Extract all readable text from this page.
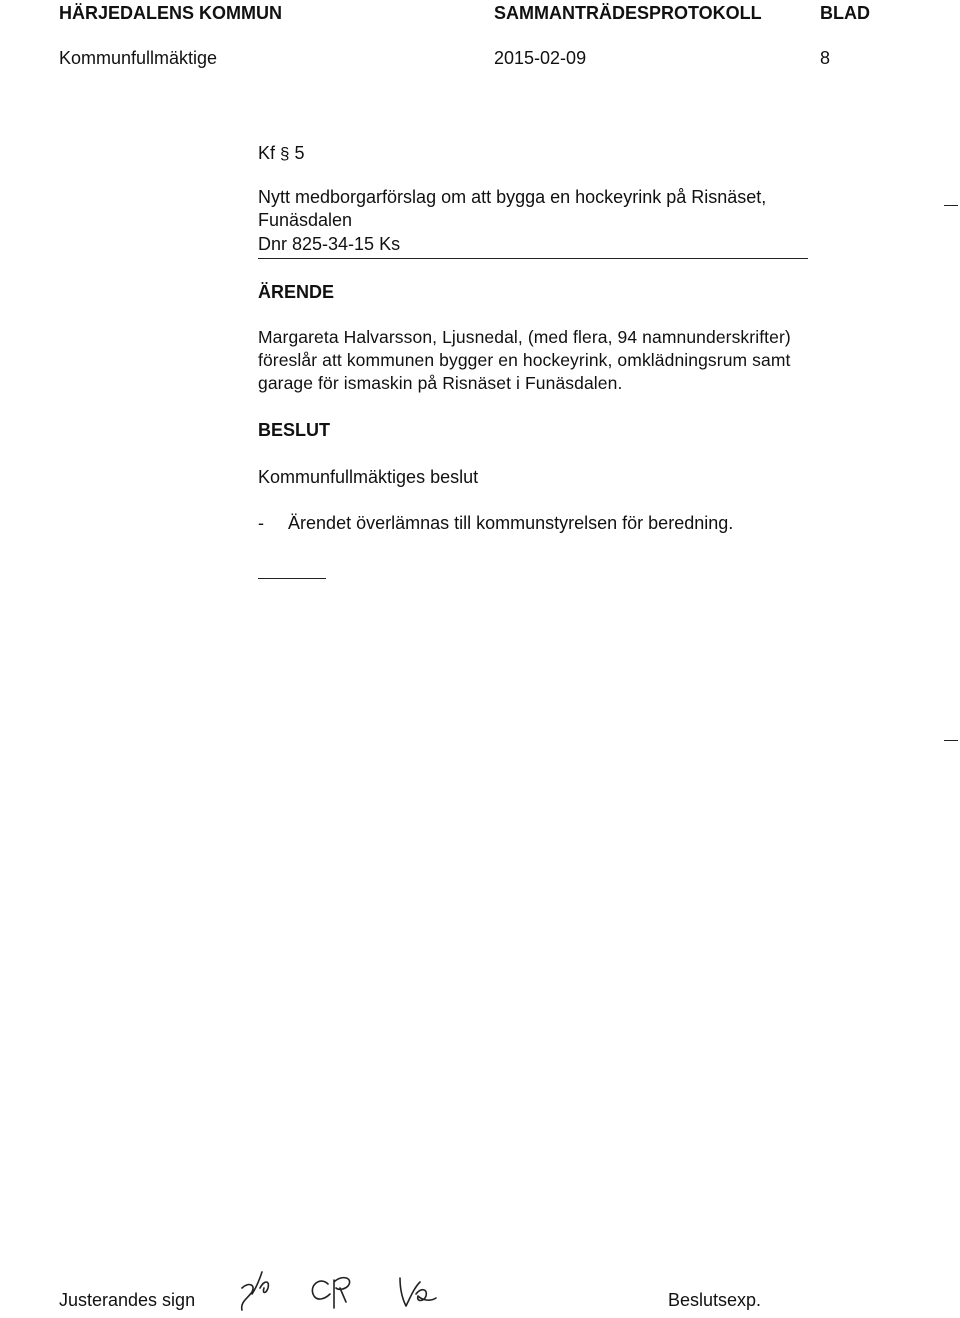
HÄRJEDALENS KOMMUN	SAMMANTRÄDESPROTOKOLL	BLAD
Kommunfullmäktige	2015-02-09	8
Kf § 5
Nytt medborgarförslag om att bygga en hockeyrink på Risnäset,
Funäsdalen
Dnr 825-34-15 Ks
ÄRENDE
Margareta Halvarsson, Ljusnedal, (med flera, 94 namnunderskrifter)
föreslår att kommunen bygger en hockeyrink, omklädningsrum samt
garage för ismaskin på Risnäset i Funäsdalen.
BESLUT
Kommunfullmäktiges beslut
- Ärendet överlämnas till kommunstyrelsen för beredning.
Justerandes sign	Beslutsexp.
